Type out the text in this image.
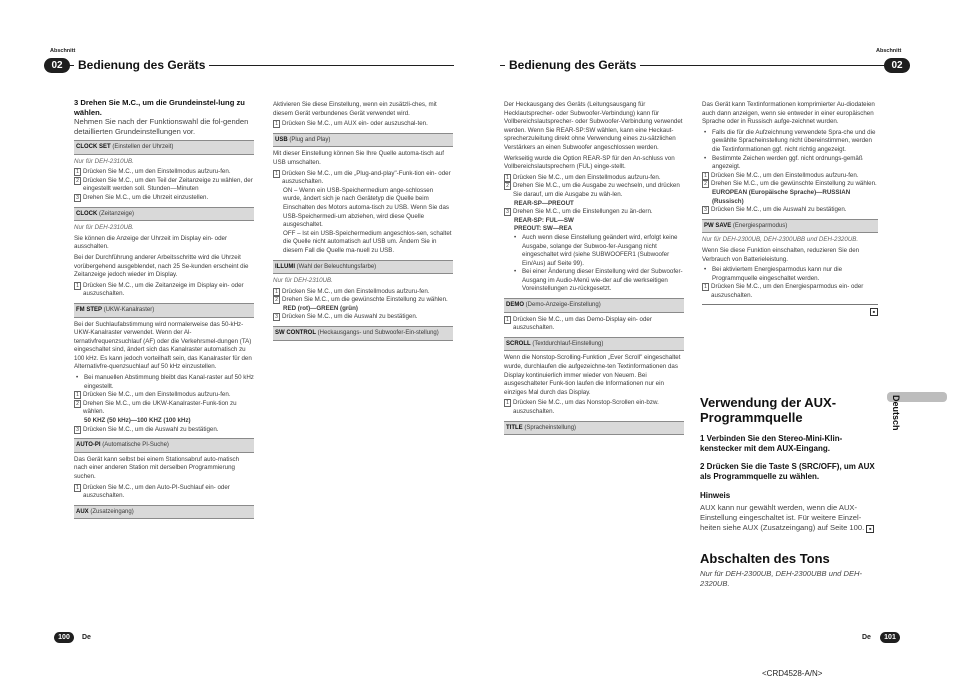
Abschnitt	Abschnitt
02	Bedienung des Geräts	02
Bedienung des Geräts
3 Drehen Sie M.C., um die Grundeinstel-lung zu wählen.
Nehmen Sie nach der Funktionswahl die fol-genden detaillierten Grundeinstellungen vor.
CLOCK SET (Einstellen der Uhrzeit)

Nur für DEH-2310UB.

1 Drücken Sie M.C., um den Einstellmodus aufzuru-fen.
2 Drücken Sie M.C., um den Teil der Zeitanzeige zu wählen, der eingestellt werden soll. Stunden—Minuten
3 Drehen Sie M.C., um die Uhrzeit einzustellen.
CLOCK (Zeitanzeige)

Nur für DEH-2310UB.

Sie können die Anzeige der Uhrzeit im Display ein- oder ausschalten.

Bei der Durchführung anderer Arbeitsschritte wird die Uhrzeit vorübergehend ausgeblendet, nach 25 Se-kunden erscheint die Zeitanzeige jedoch wieder im Display.

1 Drücken Sie M.C., um die Zeitanzeige im Display ein- oder auszuschalten.
FM STEP (UKW-Kanalraster)

Bei der Suchlaufabstimmung wird normalerweise das 50-kHz-UKW-Kanalraster verwendet. Wenn der Al-ternativfrequenzsuchlauf (AF) oder die Verkehrsmel-dungen (TA) eingeschaltet sind, ändert sich das Kanalraster automatisch zu 100 kHz. Es kann jedoch vorteilhaft sein, das Kanalraster für den Alternativfre-quenzsuchlauf auf 50 kHz einzustellen.

• Bei manuellen Abstimmung bleibt das Kanal-raster auf 50 kHz eingestellt.
1 Drücken Sie M.C., um den Einstellmodus aufzuru-fen.
2 Drehen Sie M.C., um die UKW-Kanalraster-Funk-tion zu wählen.
50 KHZ (50 kHz)—100 KHZ (100 kHz)
3 Drücken Sie M.C., um die Auswahl zu bestätigen.
AUTO-PI (Automatische PI-Suche)

Das Gerät kann selbst bei einem Stationsabruf auto-matisch nach einer anderen Station mit derselben Programmierung suchen.

1 Drücken Sie M.C., um den Auto-PI-Suchlauf ein- oder auszuschalten.
AUX (Zusatzeingang)

Aktivieren Sie diese Einstellung, wenn ein zusätzli-ches, mit diesem Gerät verbundenes Gerät verwendet wird.

1 Drücken Sie M.C., um AUX ein- oder auszuschal-ten.
USB (Plug and Play)

Mit dieser Einstellung können Sie Ihre Quelle automa-tisch auf USB umschalten.

1 Drücken Sie M.C., um die „Plug-and-play"-Funk-tion ein- oder auszuschalten.
ON – Wenn ein USB-Speichermedium ange-schlossen wurde, ändert sich je nach Gerätetyp die Quelle beim Einschalten des Motors automa-tisch zu USB. Wenn Sie das USB-Speichermedi-um abziehen, wird diese Quelle ausgeschaltet.
OFF – Ist ein USB-Speichermedium angeschlos-sen, schaltet die Quelle nicht automatisch auf USB um. Ändern Sie in diesem Fall die Quelle ma-nuell zu USB.
ILLUMI (Wahl der Beleuchtungsfarbe)

Nur für DEH-2310UB.

1 Drücken Sie M.C., um den Einstellmodus aufzuru-fen.
2 Drehen Sie M.C., um die gewünschte Einstellung zu wählen.
RED (rot)—GREEN (grün)
3 Drücken Sie M.C., um die Auswahl zu bestätigen.
SW CONTROL (Heckausgangs- und Subwoofer-Ein-stellung)

Der Heckausgang des Geräts (Leitungsausgang für Hecklautsprecher- oder Subwoofer-Verbindung) kann für Vollbereichslautsprecher- oder Subwoofer-Verbindung verwendet werden. Wenn Sie REAR-SP:SW wählen, kann eine Heckaut-sprecherzuleitung direkt ohne Verwendung eines zu-sätzlichen Verstärkers an einen Subwoofer angeschlossen werden.

Werkseitig wurde die Option REAR-SP für den An-schluss von Vollbereichslautsprechern (FUL) einge-stellt.

1 Drücken Sie M.C., um den Einstellmodus aufzuru-fen.
2 Drehen Sie M.C., um die Ausgabe zu wechseln, und drücken Sie darauf, um die Ausgabe zu wäh-len.
REAR-SP—PREOUT
3 Drehen Sie M.C., um die Einstellungen zu än-dern.
REAR-SP: FUL—SW
PREOUT: SW—REA
• Auch wenn diese Einstellung geändert wird, erfolgt keine Ausgabe, solange der Subwoo-fer-Ausgang nicht eingeschaltet wird (siehe SUBWOOFER1 (Subwoofer Ein/Aus) auf Seite 99).
• Bei einer Änderung dieser Einstellung wird der Subwoofer-Ausgang im Audio-Menü wie-der auf die werkseitigen Voreinstellungen zu-rückgesetzt.
DEMO (Demo-Anzeige-Einstellung)
1 Drücken Sie M.C., um das Demo-Display ein- oder auszuschalten.
SCROLL (Textdurchlauf-Einstellung)

Wenn die Nonstop-Scrolling-Funktion „Ever Scroll" eingeschaltet wurde, durchlaufen die aufgezeichne-ten Textinformationen das Display kontinuierlich immer wieder von Neuem. Bei ausgeschalteter Funk-tion laufen die Informationen nur ein einziges Mal durch das Display.

1 Drücken Sie M.C., um das Nonstop-Scrollen ein-bzw. auszuschalten.
TITLE (Spracheinstellung)

Das Gerät kann Textinformationen komprimierter Au-diodateien auch dann anzeigen, wenn sie entweder in einer europäischen Sprache oder in Russisch aufge-zeichnet wurden.

• Falls die für die Aufzeichnung verwendete Spra-che und die gewählte Spracheinstellung nicht übereinstimmen, werden die Textinformationen ggf. nicht richtig angezeigt.
• Bestimmte Zeichen werden ggf. nicht ordnungs-gemäß angezeigt.
1 Drücken Sie M.C., um den Einstellmodus aufzuru-fen.
2 Drehen Sie M.C., um die gewünschte Einstellung zu wählen.
EUROPEAN (Europäische Sprache)—RUSSIAN (Russisch)
3 Drücken Sie M.C., um die Auswahl zu bestätigen.
PW SAVE (Energiesparmodus)

Nur für DEH-2300UB, DEH-2300UBB und DEH-2320UB.

Wenn Sie diese Funktion einschalten, reduzieren Sie den Verbrauch von Batterieleistung.

• Bei aktiviertem Energiesparmodus kann nur die Programmquelle eingeschaltet werden.
1 Drücken Sie M.C., um den Energiesparmodus ein- oder auszuschalten.
■
Verwendung der AUX-Programmquelle
1 Verbinden Sie den Stereo-Mini-Klin-kenstecker mit dem AUX-Eingang.
2 Drücken Sie die Taste S (SRC/OFF), um AUX als Programmquelle zu wählen.
Hinweis
AUX kann nur gewählt werden, wenn die AUX-Einstellung eingeschaltet ist. Für weitere Einzel-heiten siehe AUX (Zusatzeingang) auf Seite 100. ■
Abschalten des Tons
Nur für DEH-2300UB, DEH-2300UBB und DEH-2320UB.
Deutsch
100	De	De	101
<CRD4528-A/N>
